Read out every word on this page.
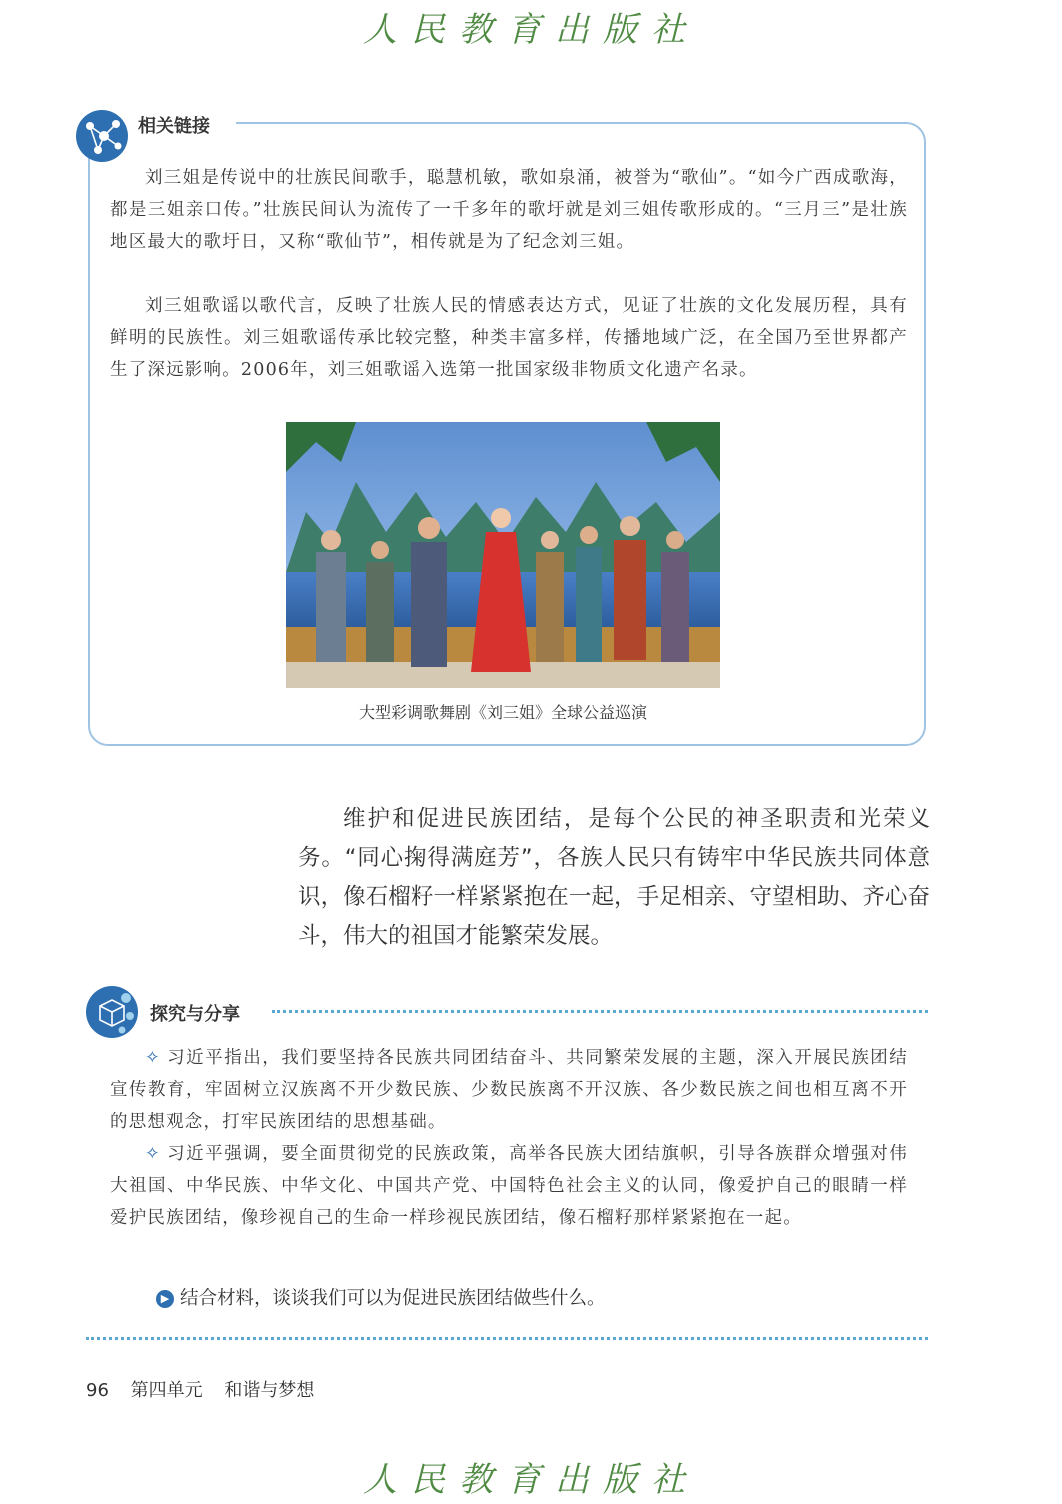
人民教育出版社
相关链接

刘三姐是传说中的壮族民间歌手，聪慧机敏，歌如泉涌，被誉为“歌仙”。“如今广西成歌海，都是三姐亲口传。”壮族民间认为流传了一千多年的歌圩就是刘三姐传歌形成的。“三月三”是壮族地区最大的歌圩日，又称“歌仙节”，相传就是为了纪念刘三姐。

刘三姐歌谣以歌代言，反映了壮族人民的情感表达方式，见证了壮族的文化发展历程，具有鲜明的民族性。刘三姐歌谣传承比较完整，种类丰富多样，传播地域广泛，在全国乃至世界都产生了深远影响。2006年，刘三姐歌谣入选第一批国家级非物质文化遗产名录。

大型彩调歌舞剧《刘三姐》全球公益巡演

维护和促进民族团结，是每个公民的神圣职责和光荣义务。“同心掬得满庭芳”，各族人民只有铸牢中华民族共同体意识，像石榴籽一样紧紧抱在一起，手足相亲、守望相助、齐心奋斗，伟大的祖国才能繁荣发展。

探究与分享

✧ 习近平指出，我们要坚持各民族共同团结奋斗、共同繁荣发展的主题，深入开展民族团结宣传教育，牢固树立汉族离不开少数民族、少数民族离不开汉族、各少数民族之间也相互离不开的思想观念，打牢民族团结的思想基础。

✧ 习近平强调，要全面贯彻党的民族政策，高举各民族大团结旗帜，引导各族群众增强对伟大祖国、中华民族、中华文化、中国共产党、中国特色社会主义的认同，像爱护自己的眼睛一样爱护民族团结，像珍视自己的生命一样珍视民族团结，像石榴籽那样紧紧抱在一起。

▶ 结合材料，谈谈我们可以为促进民族团结做些什么。
96 第四单元 和谐与梦想
人民教育出版社
